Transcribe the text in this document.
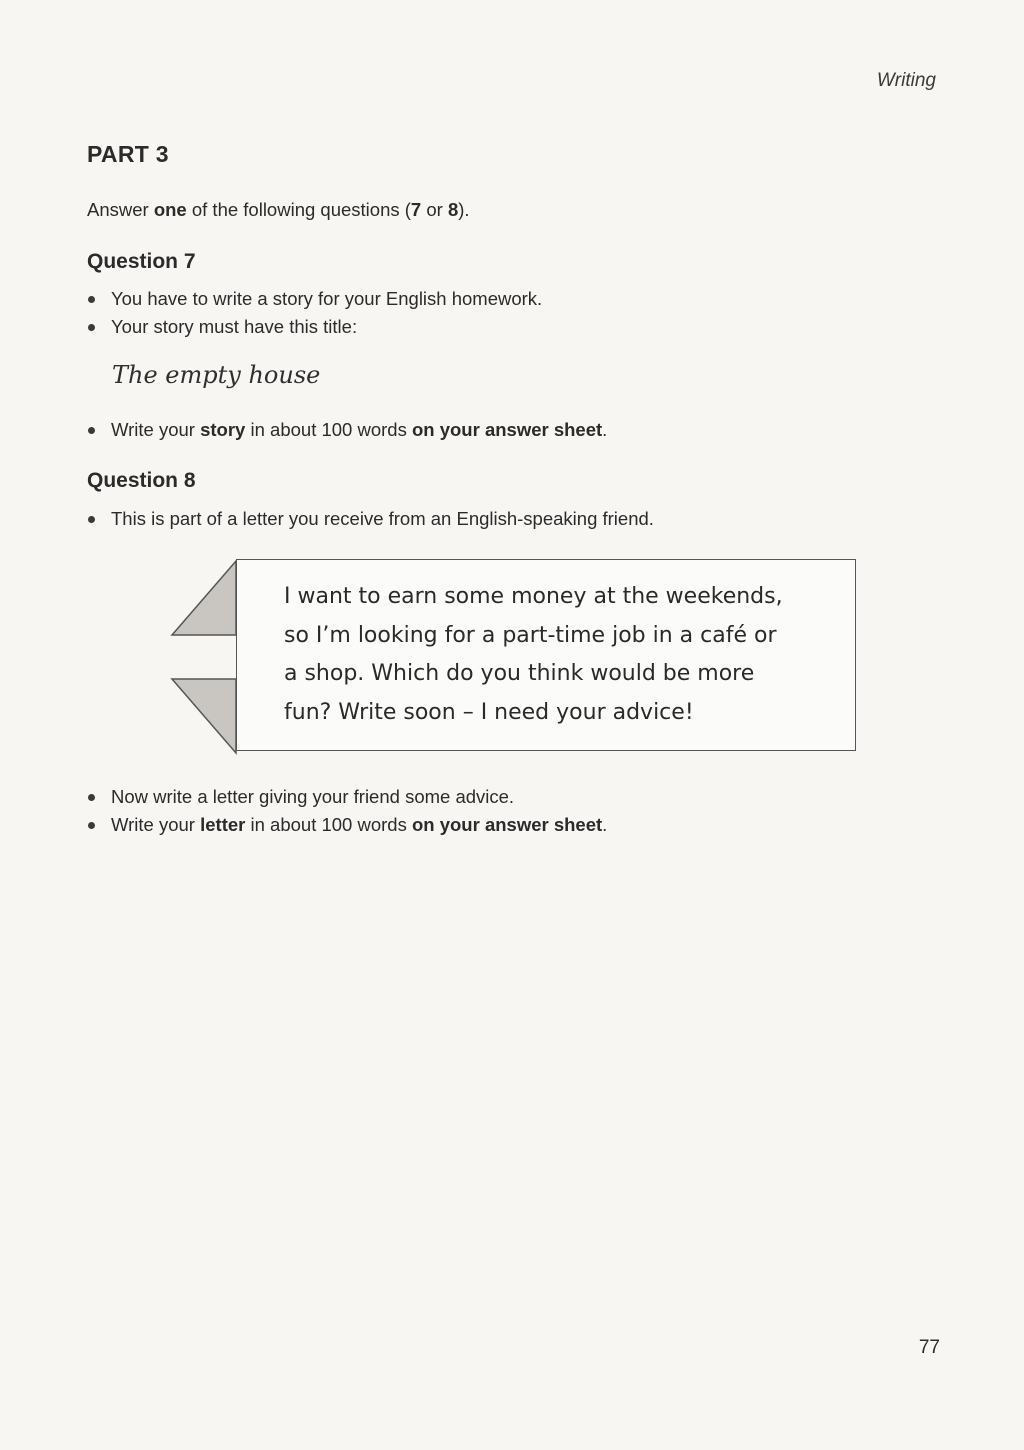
Writing
PART 3
Answer one of the following questions (7 or 8).
Question 7
You have to write a story for your English homework.
Your story must have this title:
The empty house
Write your story in about 100 words on your answer sheet.
Question 8
This is part of a letter you receive from an English-speaking friend.
I want to earn some money at the weekends,
so I’m looking for a part-time job in a café or
a shop. Which do you think would be more
fun? Write soon – I need your advice!
Now write a letter giving your friend some advice.
Write your letter in about 100 words on your answer sheet.
77
